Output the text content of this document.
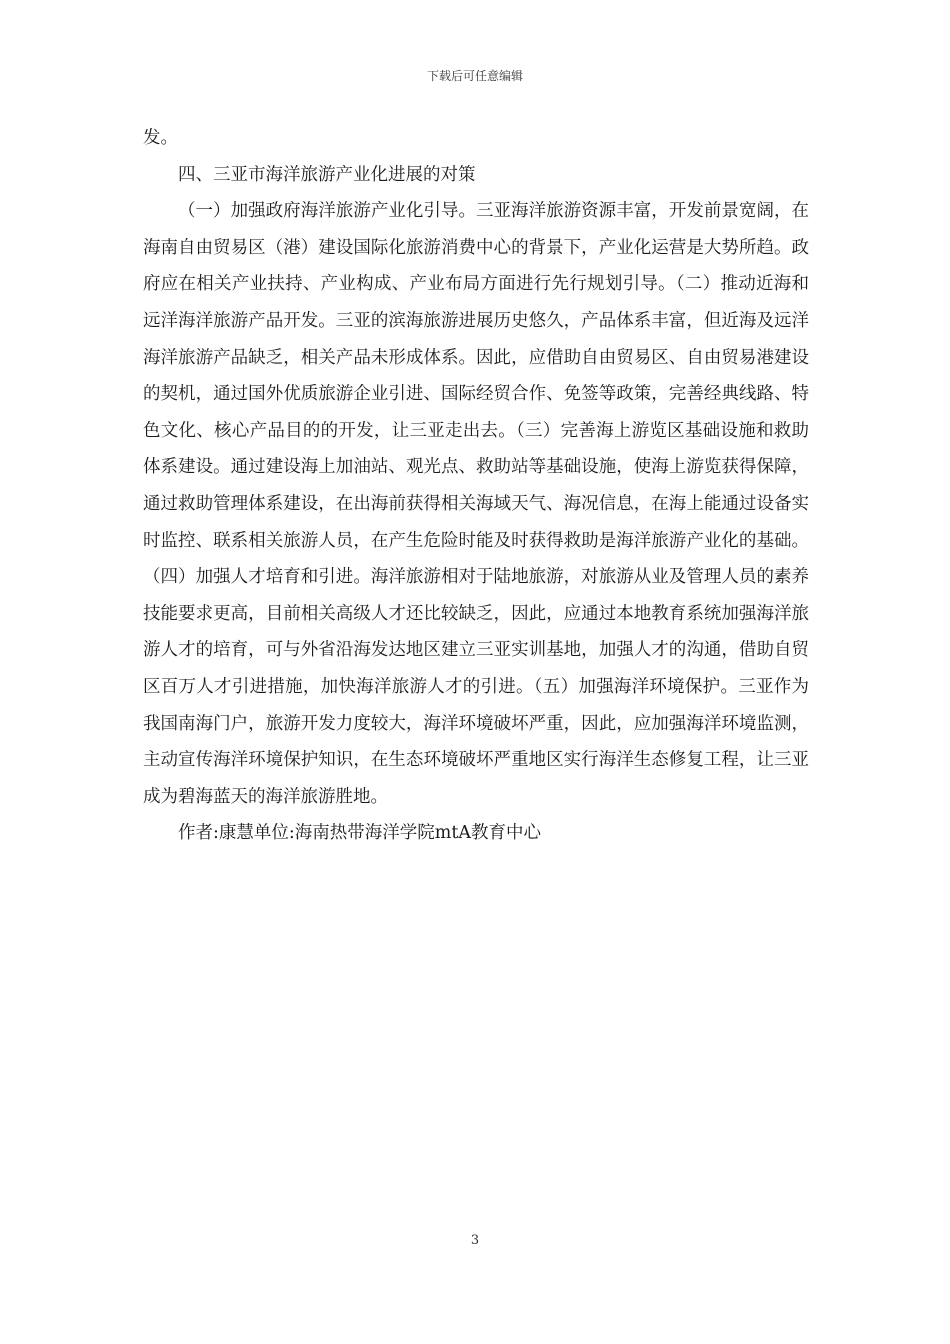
下载后可任意编辑

发。

四、三亚市海洋旅游产业化进展的对策

（一）加强政府海洋旅游产业化引导。三亚海洋旅游资源丰富，开发前景宽阔，在海南自由贸易区（港）建设国际化旅游消费中心的背景下，产业化运营是大势所趋。政府应在相关产业扶持、产业构成、产业布局方面进行先行规划引导。（二）推动近海和远洋海洋旅游产品开发。三亚的滨海旅游进展历史悠久，产品体系丰富，但近海及远洋海洋旅游产品缺乏，相关产品未形成体系。因此，应借助自由贸易区、自由贸易港建设的契机，通过国外优质旅游企业引进、国际经贸合作、免签等政策，完善经典线路、特色文化、核心产品目的的开发，让三亚走出去。（三）完善海上游览区基础设施和救助体系建设。通过建设海上加油站、观光点、救助站等基础设施，使海上游览获得保障，通过救助管理体系建设，在出海前获得相关海域天气、海况信息，在海上能通过设备实时监控、联系相关旅游人员，在产生危险时能及时获得救助是海洋旅游产业化的基础。（四）加强人才培育和引进。海洋旅游相对于陆地旅游，对旅游从业及管理人员的素养技能要求更高，目前相关高级人才还比较缺乏，因此，应通过本地教育系统加强海洋旅游人才的培育，可与外省沿海发达地区建立三亚实训基地，加强人才的沟通，借助自贸区百万人才引进措施，加快海洋旅游人才的引进。（五）加强海洋环境保护。三亚作为我国南海门户，旅游开发力度较大，海洋环境破坏严重，因此，应加强海洋环境监测，主动宣传海洋环境保护知识，在生态环境破坏严重地区实行海洋生态修复工程，让三亚成为碧海蓝天的海洋旅游胜地。

作者:康慧单位:海南热带海洋学院mtA教育中心

3
